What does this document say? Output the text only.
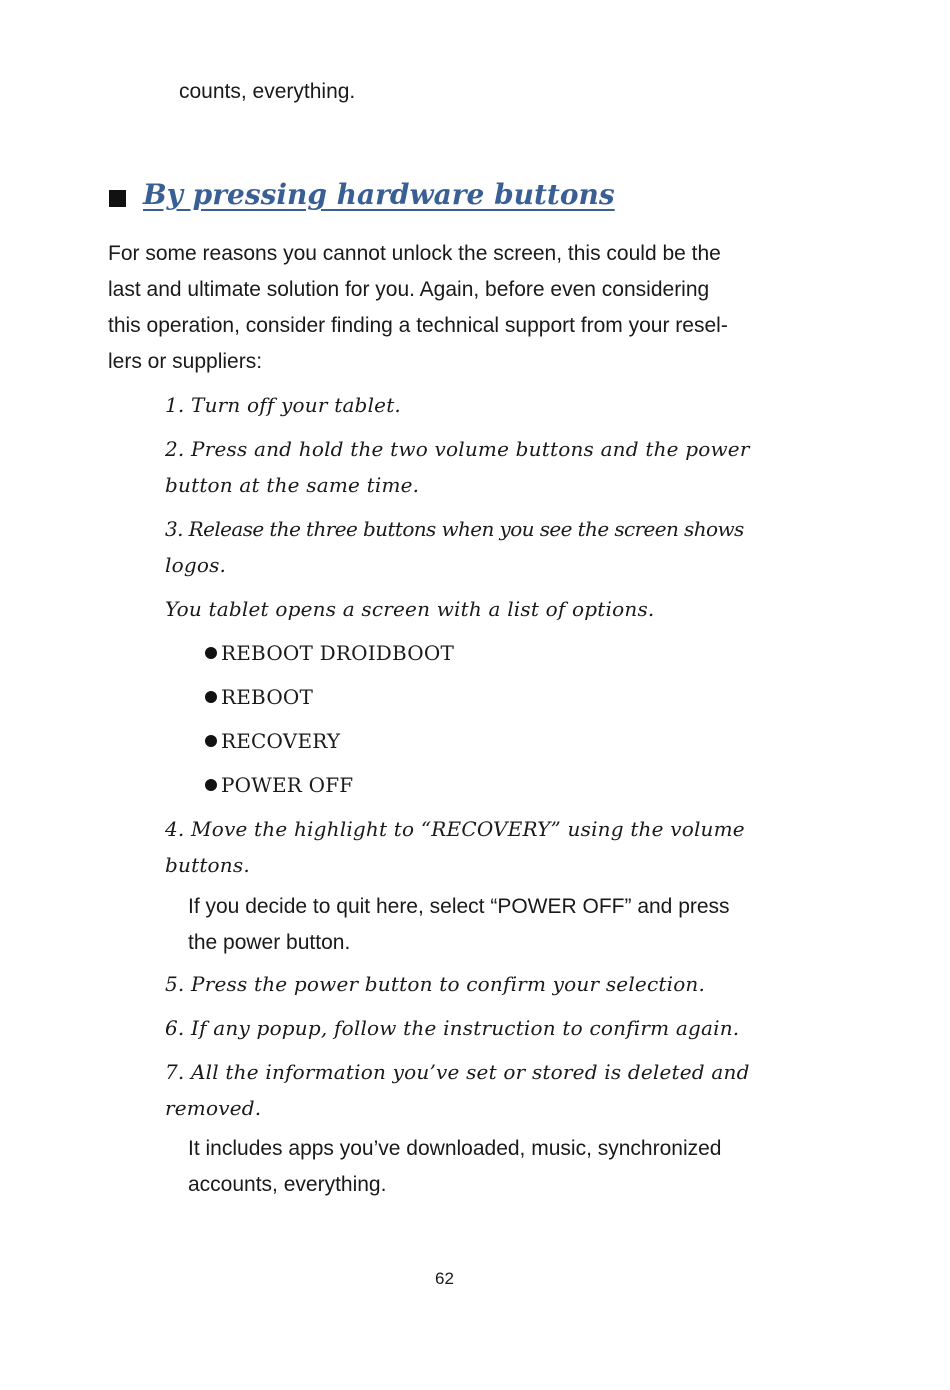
counts, everything.

By pressing hardware buttons

For some reasons you cannot unlock the screen, this could be the

last and ultimate solution for you. Again, before even considering

this operation, consider finding a technical support from your resel-

lers or suppliers:

1. Turn off your tablet.

2. Press and hold the two volume buttons and the power

button at the same time.

3. Release the three buttons when you see the screen shows

logos.

You tablet opens a screen with a list of options.

REBOOT DROIDBOOT

REBOOT

RECOVERY

POWER OFF

4. Move the highlight to “RECOVERY” using the volume

buttons.

If you decide to quit here, select “POWER OFF” and press

the power button.

5. Press the power button to confirm your selection.

6. If any popup, follow the instruction to confirm again.

7. All the information you’ve set or stored is deleted and

removed.

It includes apps you’ve downloaded, music, synchronized

accounts, everything.

62
